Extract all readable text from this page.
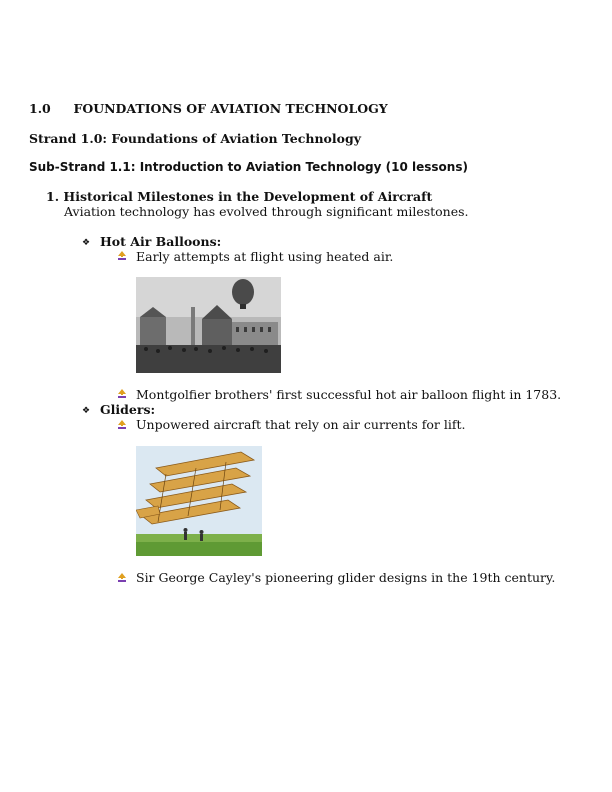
1.0 FOUNDATIONS OF AVIATION TECHNOLOGY
Strand 1.0: Foundations of Aviation Technology
Sub-Strand 1.1: Introduction to Aviation Technology (10 lessons)
1. Historical Milestones in the Development of Aircraft
Aviation technology has evolved through significant milestones.
❖ Hot Air Balloons:
Early attempts at flight using heated air.
Montgolfier brothers' first successful hot air balloon flight in 1783.
❖ Gliders:
Unpowered aircraft that rely on air currents for lift.
Sir George Cayley's pioneering glider designs in the 19th century.
